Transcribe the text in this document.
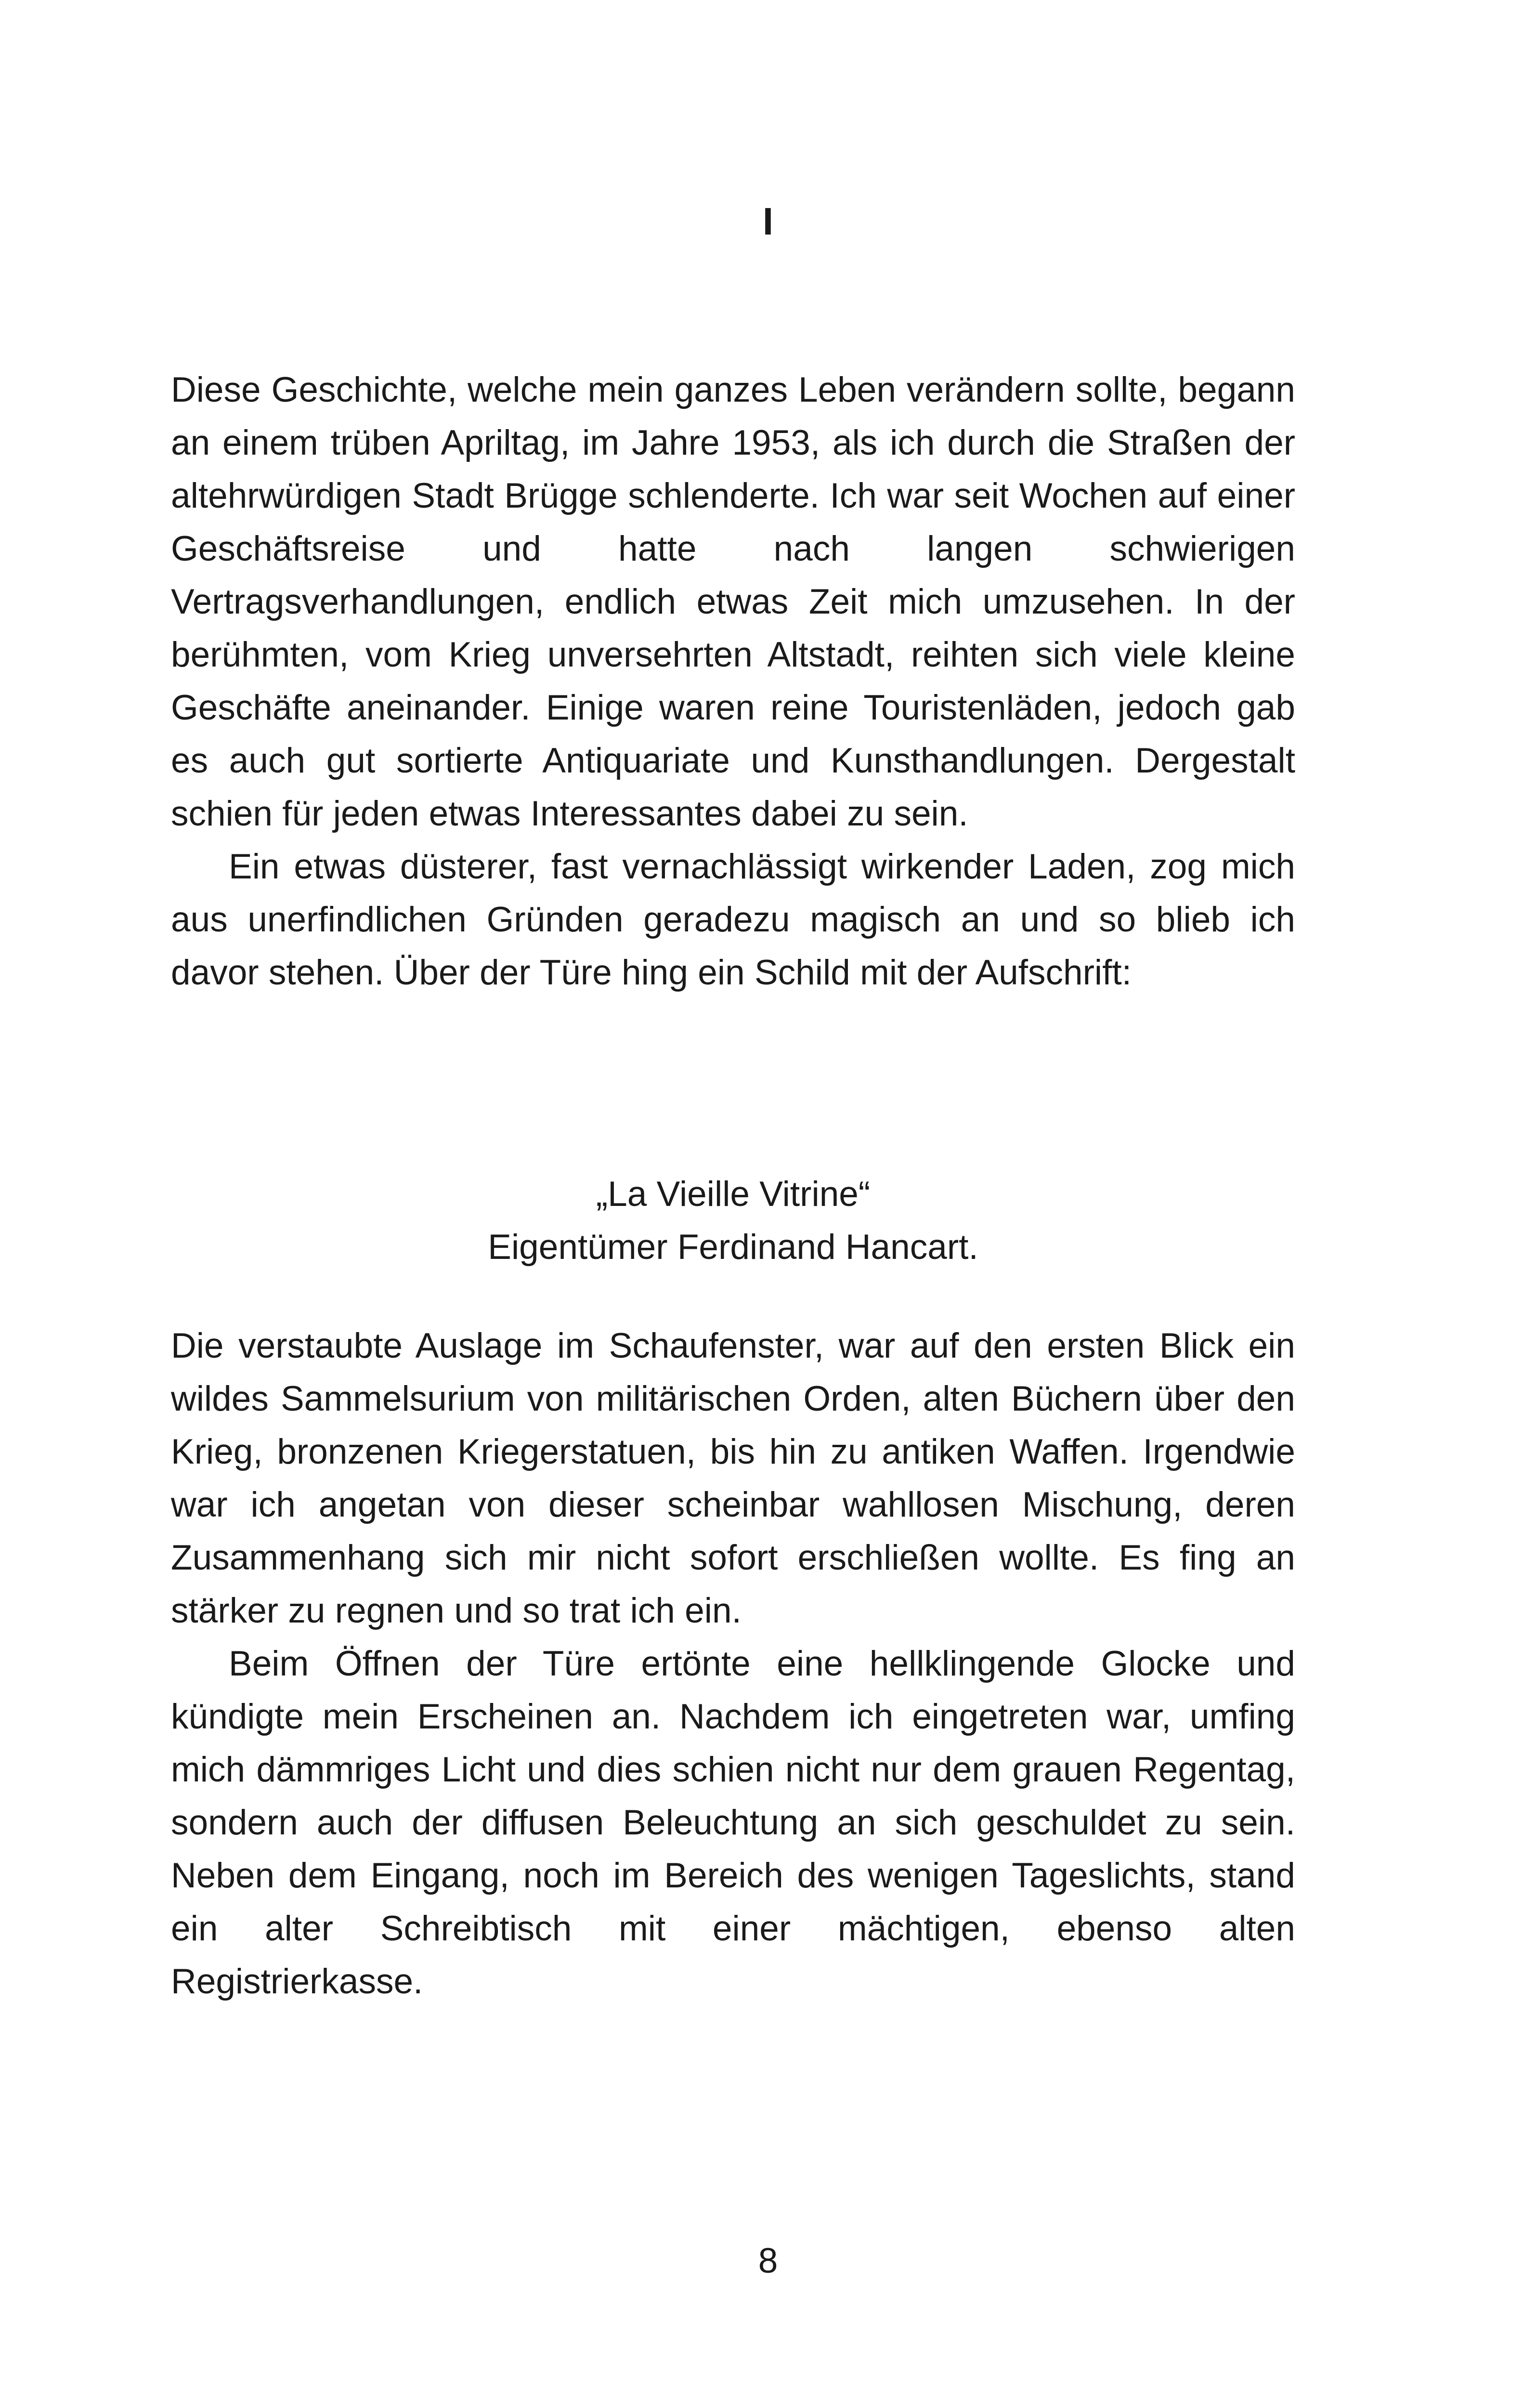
I

Diese Geschichte, welche mein ganzes Leben verändern sollte, begann an einem trüben Apriltag, im Jahre 1953, als ich durch die Straßen der altehrwürdigen Stadt Brügge schlenderte. Ich war seit Wochen auf einer Geschäftsreise und hatte nach langen schwierigen Vertragsverhandlungen, endlich etwas Zeit mich umzusehen. In der berühmten, vom Krieg unversehrten Altstadt, reihten sich viele kleine Geschäfte aneinander. Einige waren reine Touristenläden, jedoch gab es auch gut sortierte Antiquariate und Kunsthandlungen. Dergestalt schien für jeden etwas Interessantes dabei zu sein.

Ein etwas düsterer, fast vernachlässigt wirkender Laden, zog mich aus unerfindlichen Gründen geradezu magisch an und so blieb ich davor stehen. Über der Türe hing ein Schild mit der Aufschrift:

„La Vieille Vitrine“
Eigentümer Ferdinand Hancart.

Die verstaubte Auslage im Schaufenster, war auf den ersten Blick ein wildes Sammelsurium von militärischen Orden, alten Büchern über den Krieg, bronzenen Kriegerstatuen, bis hin zu antiken Waffen. Irgendwie war ich angetan von dieser scheinbar wahllosen Mischung, deren Zusammenhang sich mir nicht sofort erschließen wollte. Es fing an stärker zu regnen und so trat ich ein.

Beim Öffnen der Türe ertönte eine hellklingende Glocke und kündigte mein Erscheinen an. Nachdem ich eingetreten war, umfing mich dämmriges Licht und dies schien nicht nur dem grauen Regentag, sondern auch der diffusen Beleuchtung an sich geschuldet zu sein. Neben dem Eingang, noch im Bereich des wenigen Tageslichts, stand ein alter Schreibtisch mit einer mächtigen, ebenso alten Registrierkasse.

8
